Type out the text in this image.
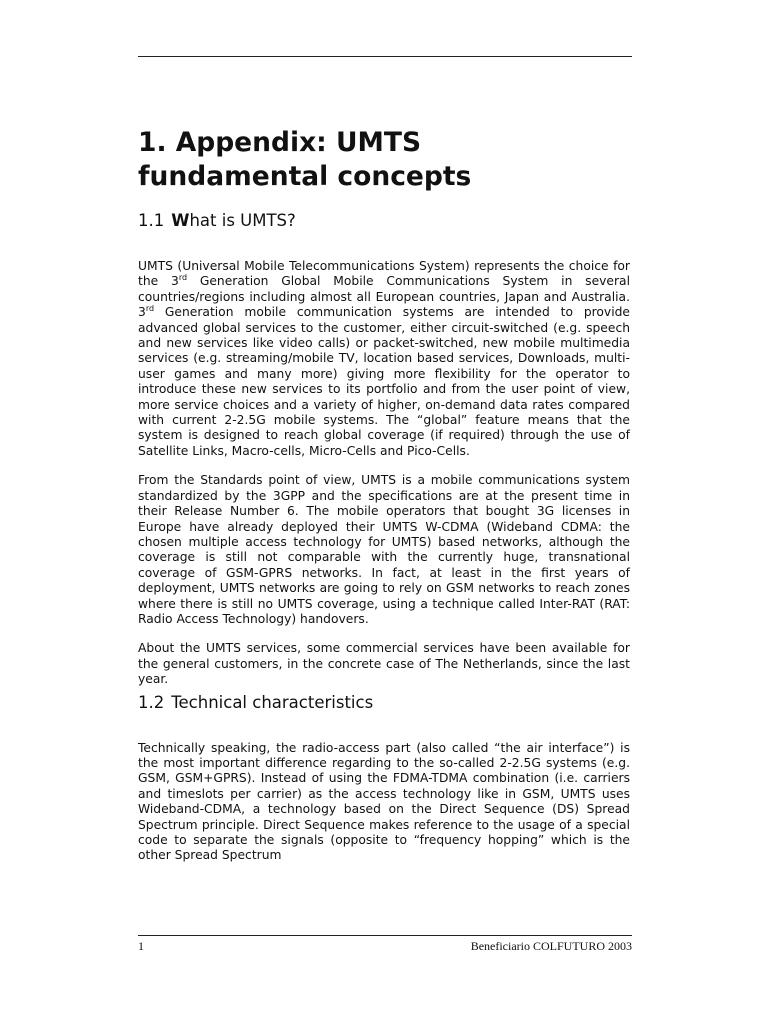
1. Appendix: UMTS
fundamental concepts
1.1 What is UMTS?

UMTS (Universal Mobile Telecommunications System) represents the choice for the 3rd Generation Global Mobile Communications System in several countries/regions including almost all European countries, Japan and Australia. 3rd Generation mobile communication systems are intended to provide advanced global services to the customer, either circuit-switched (e.g. speech and new services like video calls) or packet-switched, new mobile multimedia services (e.g. streaming/mobile TV, location based services, Downloads, multi-user games and many more) giving more flexibility for the operator to introduce these new services to its portfolio and from the user point of view, more service choices and a variety of higher, on-demand data rates compared with current 2-2.5G mobile systems. The “global” feature means that the system is designed to reach global coverage (if required) through the use of Satellite Links, Macro-cells, Micro-Cells and Pico-Cells.

From the Standards point of view, UMTS is a mobile communications system standardized by the 3GPP and the specifications are at the present time in their Release Number 6. The mobile operators that bought 3G licenses in Europe have already deployed their UMTS W-CDMA (Wideband CDMA: the chosen multiple access technology for UMTS) based networks, although the coverage is still not comparable with the currently huge, transnational coverage of GSM-GPRS networks. In fact, at least in the first years of deployment, UMTS networks are going to rely on GSM networks to reach zones where there is still no UMTS coverage, using a technique called Inter-RAT (RAT: Radio Access Technology) handovers.

About the UMTS services, some commercial services have been available for the general customers, in the concrete case of The Netherlands, since the last year.

1.2 Technical characteristics

Technically speaking, the radio-access part (also called “the air interface”) is the most important difference regarding to the so-called 2-2.5G systems (e.g. GSM, GSM+GPRS). Instead of using the FDMA-TDMA combination (i.e. carriers and timeslots per carrier) as the access technology like in GSM, UMTS uses Wideband-CDMA, a technology based on the Direct Sequence (DS) Spread Spectrum principle. Direct Sequence makes reference to the usage of a special code to separate the signals (opposite to “frequency hopping” which is the other Spread Spectrum

1	Beneficiario COLFUTURO 2003
